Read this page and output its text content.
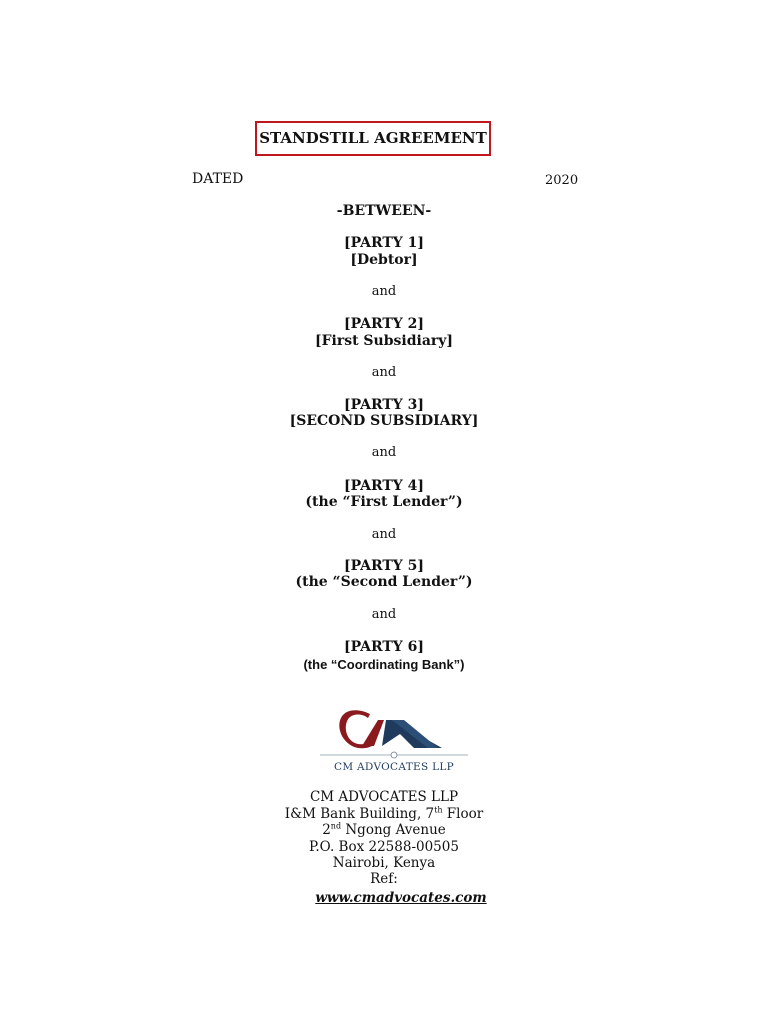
STANDSTILL AGREEMENT
DATED	2020
-BETWEEN-
[PARTY 1]
[Debtor]
and
[PARTY 2]
[First Subsidiary]
and
[PARTY 3]
[SECOND SUBSIDIARY]
and
[PARTY 4]
(the “First Lender”)
and
[PARTY 5]
(the “Second Lender”)
and
[PARTY 6]
(the “Coordinating Bank”)
CM ADVOCATES LLP
CM ADVOCATES LLP
I&M Bank Building, 7th Floor
2nd Ngong Avenue
P.O. Box 22588-00505
Nairobi, Kenya
Ref:
www.cmadvocates.com
